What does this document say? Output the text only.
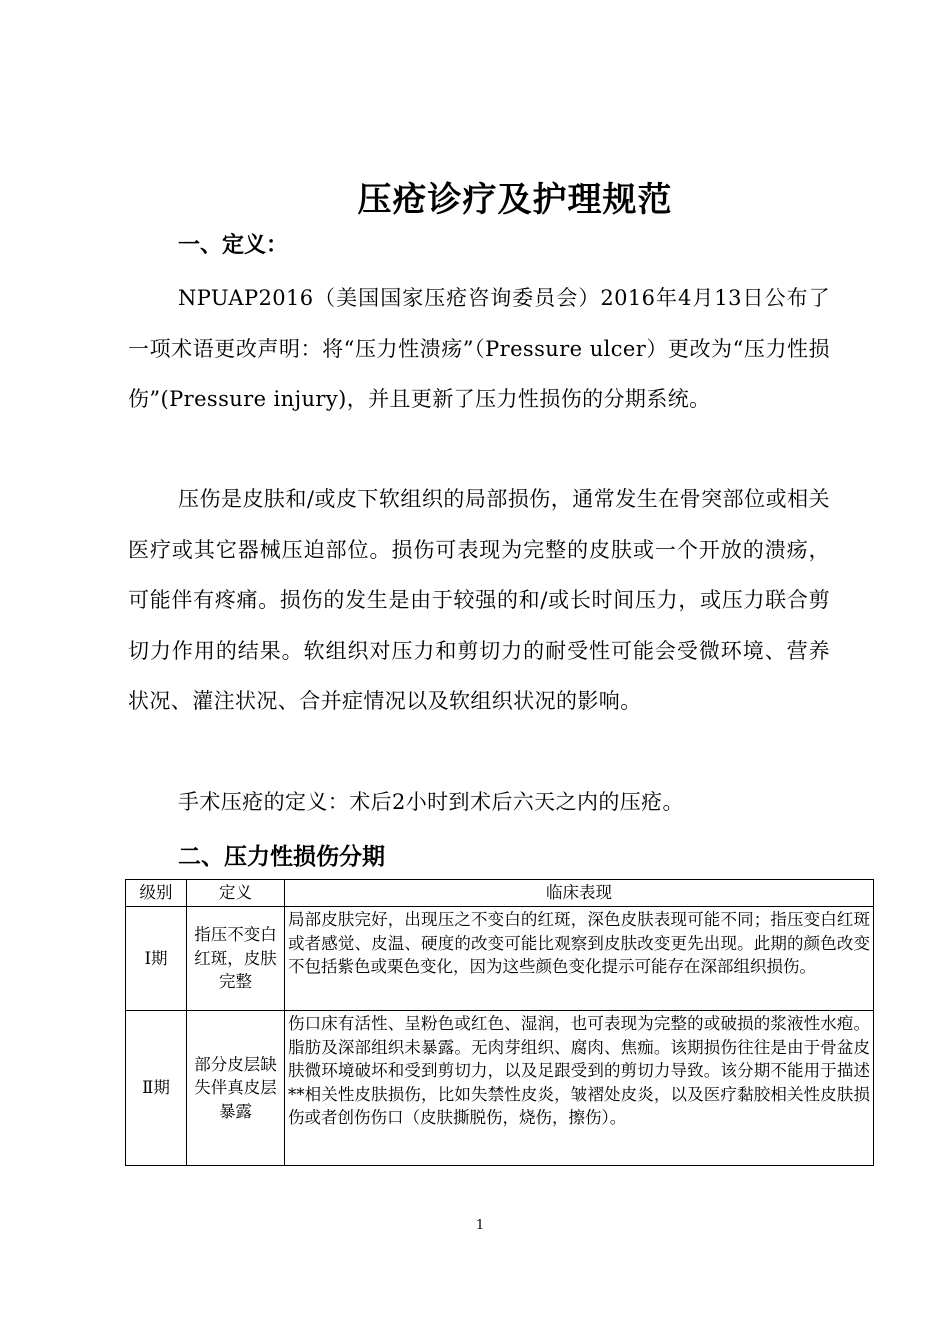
压疮诊疗及护理规范
一、定义：

NPUAP2016（美国国家压疮咨询委员会）2016年4月13日公布了一项术语更改声明：将“压力性溃疡”（Pressure ulcer）更改为“压力性损伤”(Pressure injury)，并且更新了压力性损伤的分期系统。

压伤是皮肤和/或皮下软组织的局部损伤，通常发生在骨突部位或相关医疗或其它器械压迫部位。损伤可表现为完整的皮肤或一个开放的溃疡，可能伴有疼痛。损伤的发生是由于较强的和/或长时间压力，或压力联合剪切力作用的结果。软组织对压力和剪切力的耐受性可能会受微环境、营养状况、灌注状况、合并症情况以及软组织状况的影响。

手术压疮的定义：术后2小时到术后六天之内的压疮。

二、压力性损伤分期
级别	定义	临床表现
Ⅰ期	指压不变白红斑，皮肤完整	局部皮肤完好，出现压之不变白的红斑，深色皮肤表现可能不同；指压变白红斑或者感觉、皮温、硬度的改变可能比观察到皮肤改变更先出现。此期的颜色改变不包括紫色或栗色变化，因为这些颜色变化提示可能存在深部组织损伤。
Ⅱ期	部分皮层缺失伴真皮层暴露	伤口床有活性、呈粉色或红色、湿润，也可表现为完整的或破损的浆液性水疱。脂肪及深部组织未暴露。无肉芽组织、腐肉、焦痂。该期损伤往往是由于骨盆皮肤微环境破坏和受到剪切力，以及足跟受到的剪切力导致。该分期不能用于描述**相关性皮肤损伤，比如失禁性皮炎，皱褶处皮炎，以及医疗黏胶相关性皮肤损伤或者创伤伤口（皮肤撕脱伤，烧伤，擦伤）。
1
